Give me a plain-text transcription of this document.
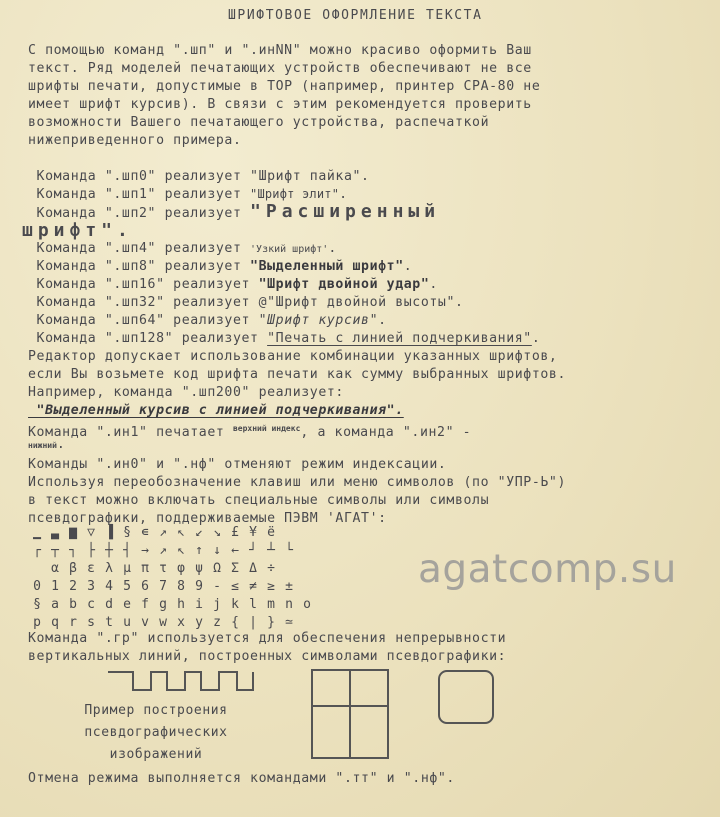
ШРИФТОВОЕ ОФОРМЛЕНИЕ ТЕКСТА
С помощью команд ".шп" и ".инNN" можно красиво оформить Ваш
текст. Ряд моделей печатающих устройств обеспечивают не все
шрифты печати, допустимые в ТОР (например, принтер СРА-80 не
имеет шрифт курсив). В связи с этим рекомендуется проверить
возможности Вашего печатающего устройства, распечаткой
нижеприведенного примера.
Команда ".шп0" реализует "Шрифт пайка".
Команда ".шп1" реализует "Шрифт элит".
Команда ".шп2" реализует "Расширенный
шрифт".
Команда ".шп4" реализует 'Узкий шрифт'.
Команда ".шп8" реализует "Выделенный шрифт".
Команда ".шп16" реализует "Шрифт двойной удар".
Команда ".шп32" реализует @"Шрифт двойной высоты".
Команда ".шп64" реализует "Шрифт курсив".
Команда ".шп128" реализует "Печать с линией подчеркивания".
Редактор допускает использование комбинации указанных шрифтов,
если Вы возьмете код шрифта печати как сумму выбранных шрифтов.
Например, команда ".шп200" реализует:
"Выделенный курсив с линией подчеркивания".
Команда ".ин1" печатает $^{верхний индекс}$, а команда ".ин2" -
нижний.
Команды ".ин0" и ".нф" отменяют режим индексации.
Используя переобозначение клавиш или меню символов (по "УПР-Ь")
в текст можно включать специальные символы или символы
псевдографики, поддерживаемые ПЭВМ 'АГАТ':
▁ ▃ ▆ ▽ ▐ § ∊ ↗ ↖ ↙ ↘ £ ¥ ё
┌ ┬ ┐ ├ ┼ ┤ → ↗ ↖ ↑ ↓ ← ┘ ┴ └
α β ε λ μ π τ φ ψ Ω Σ Δ ÷
0 1 2 3 4 5 6 7 8 9 - ≤ ≠ ≥ ±
§ a b c d e f g h i j k l m n o
p q r s t u v w x y z { | } ≃
agatcomp.su
Команда ".гр" используется для обеспечения непрерывности
вертикальных линий, построенных символами псевдографики:
Пример построения
псевдографических
изображений
Отмена режима выполняется командами ".тт" и ".нф".
